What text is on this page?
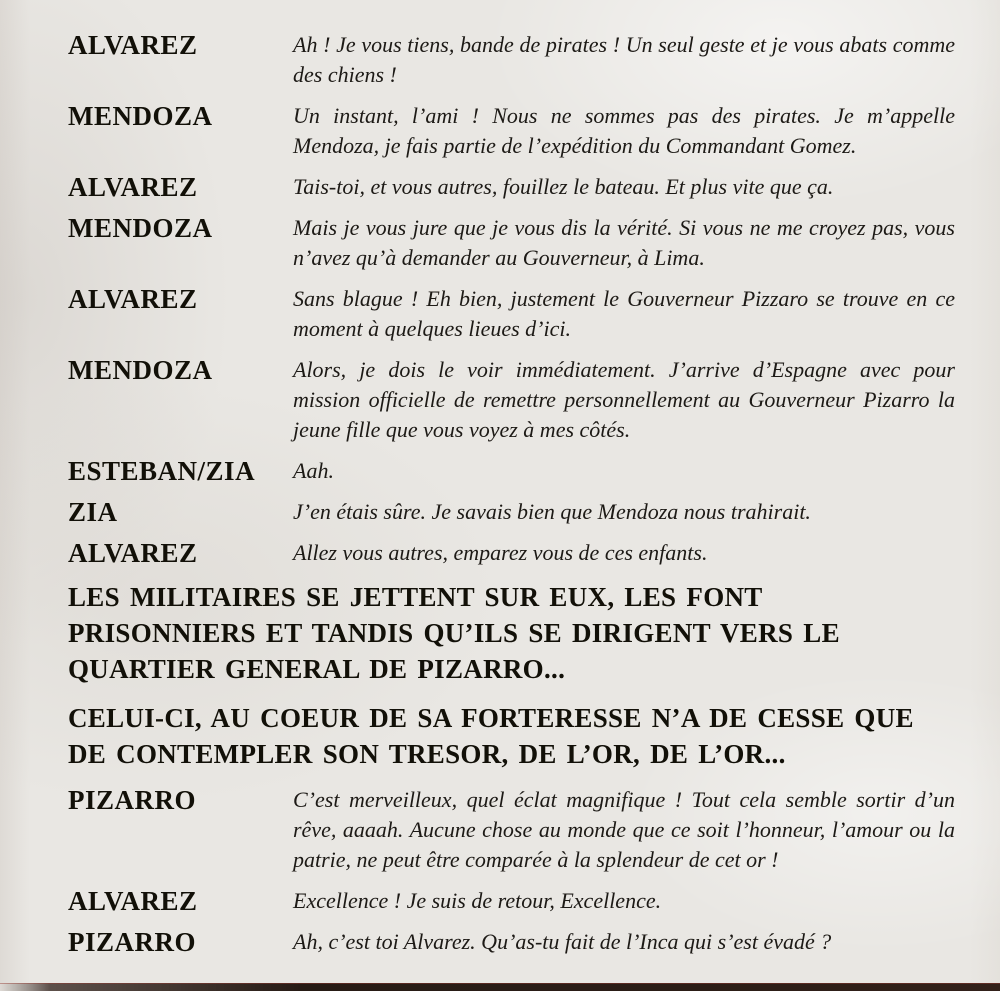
ALVAREZ	Ah ! Je vous tiens, bande de pirates ! Un seul geste et je vous abats comme des chiens !
MENDOZA	Un instant, l’ami ! Nous ne sommes pas des pirates. Je m’appelle Mendoza, je fais partie de l’expédition du Commandant Gomez.
ALVAREZ	Tais-toi, et vous autres, fouillez le bateau. Et plus vite que ça.
MENDOZA	Mais je vous jure que je vous dis la vérité. Si vous ne me croyez pas, vous n’avez qu’à demander au Gouverneur, à Lima.
ALVAREZ	Sans blague ! Eh bien, justement le Gouverneur Pizzaro se trouve en ce moment à quelques lieues d’ici.
MENDOZA	Alors, je dois le voir immédiatement. J’arrive d’Espagne avec pour mission officielle de remettre personnellement au Gouverneur Pizarro la jeune fille que vous voyez à mes côtés.
ESTEBAN/ZIA	Aah.
ZIA	J’en étais sûre. Je savais bien que Mendoza nous trahirait.
ALVAREZ	Allez vous autres, emparez vous de ces enfants.
LES MILITAIRES SE JETTENT SUR EUX, LES FONT PRISONNIERS ET TANDIS QU’ILS SE DIRIGENT VERS LE QUARTIER GENERAL DE PIZARRO...
CELUI-CI, AU COEUR DE SA FORTERESSE N’A DE CESSE QUE DE CONTEMPLER SON TRESOR, DE L’OR, DE L’OR...
PIZARRO	C’est merveilleux, quel éclat magnifique ! Tout cela semble sortir d’un rêve, aaaah. Aucune chose au monde que ce soit l’honneur, l’amour ou la patrie, ne peut être comparée à la splendeur de cet or !
ALVAREZ	Excellence ! Je suis de retour, Excellence.
PIZARRO	Ah, c’est toi Alvarez. Qu’as-tu fait de l’Inca qui s’est évadé ?
